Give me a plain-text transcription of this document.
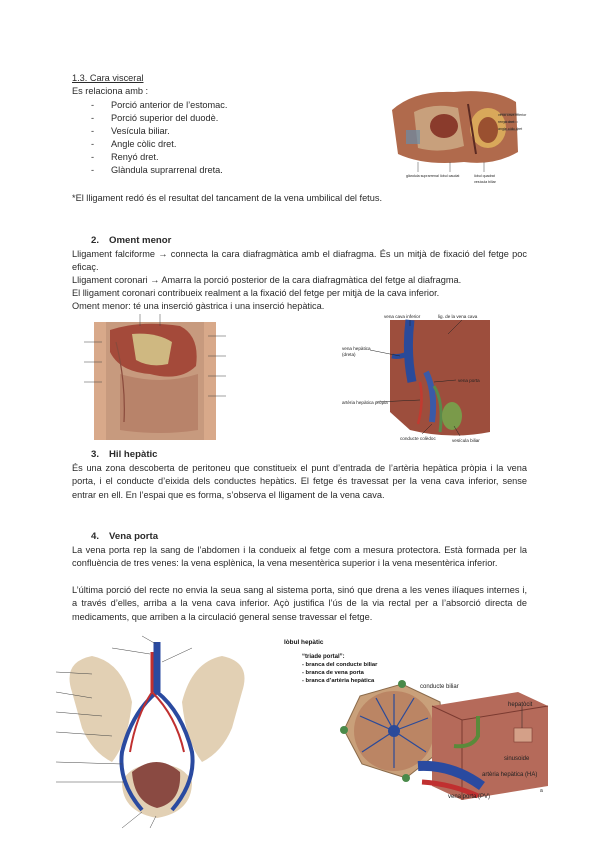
1.3. Cara visceral
Es relaciona amb :
- Porció anterior de l’estomac.
- Porció superior del duodè.
- Vesícula biliar.
- Angle còlic dret.
- Renyó dret.
- Glàndula suprarrenal dreta.
*El lligament redó és el resultat del tancament de la vena umbilical del fetus.
vena cava inferior
renyó dret
angle còlic dret
glàndula suprarrenal lòbul caudat	lòbul quadrat
vesícula biliar
2. Oment menor
Lligament falciforme → connecta la cara diafragmàtica amb el diafragma. És un mitjà de fixació del fetge poc eficaç.
Lligament coronari → Amarra la porció posterior de la cara diafragmàtica del fetge al diafragma.
El lligament coronari contribueix realment a la fixació del fetge per mitjà de la cava inferior.
Oment menor: té una inserció gàstrica i una inserció hepàtica.
vena cava inferior	lig. de la vena cava
vena hepàtica
(dreta)
vena porta
artèria hepàtica pròpia
conducte colèdoc	vesícula biliar
3. Hil hepàtic
És una zona descoberta de peritoneu que constitueix el punt d’entrada de l’artèria hepàtica pròpia i la vena porta, i el conducte d’eixida dels conductes hepàtics. El fetge és travessat per la vena cava inferior, sense entrar en ell. En l’espai que es forma, s’observa el lligament de la vena cava.
4. Vena porta
La vena porta rep la sang de l’abdomen i la condueix al fetge com a mesura protectora. Està formada per la confluència de tres venes: la vena esplènica, la vena mesentèrica superior i la vena mesentèrica inferior.
L’última porció del recte no envia la seua sang al sistema porta, sinó que drena a les venes ilíaques internes i, a través d’elles, arriba a la vena cava inferior. Açò justifica l’ús de la via rectal per a l’absorció directa de medicaments, que arriben a la circulació general sense travessar el fetge.
lòbul hepàtic
“triade portal”:
- branca del conducte biliar
- branca de vena porta
- branca d’artèria hepàtica
conducte biliar
hepatòcit
sinusoide
artèria hepàtica (HA)
vena porta (PV)
a
